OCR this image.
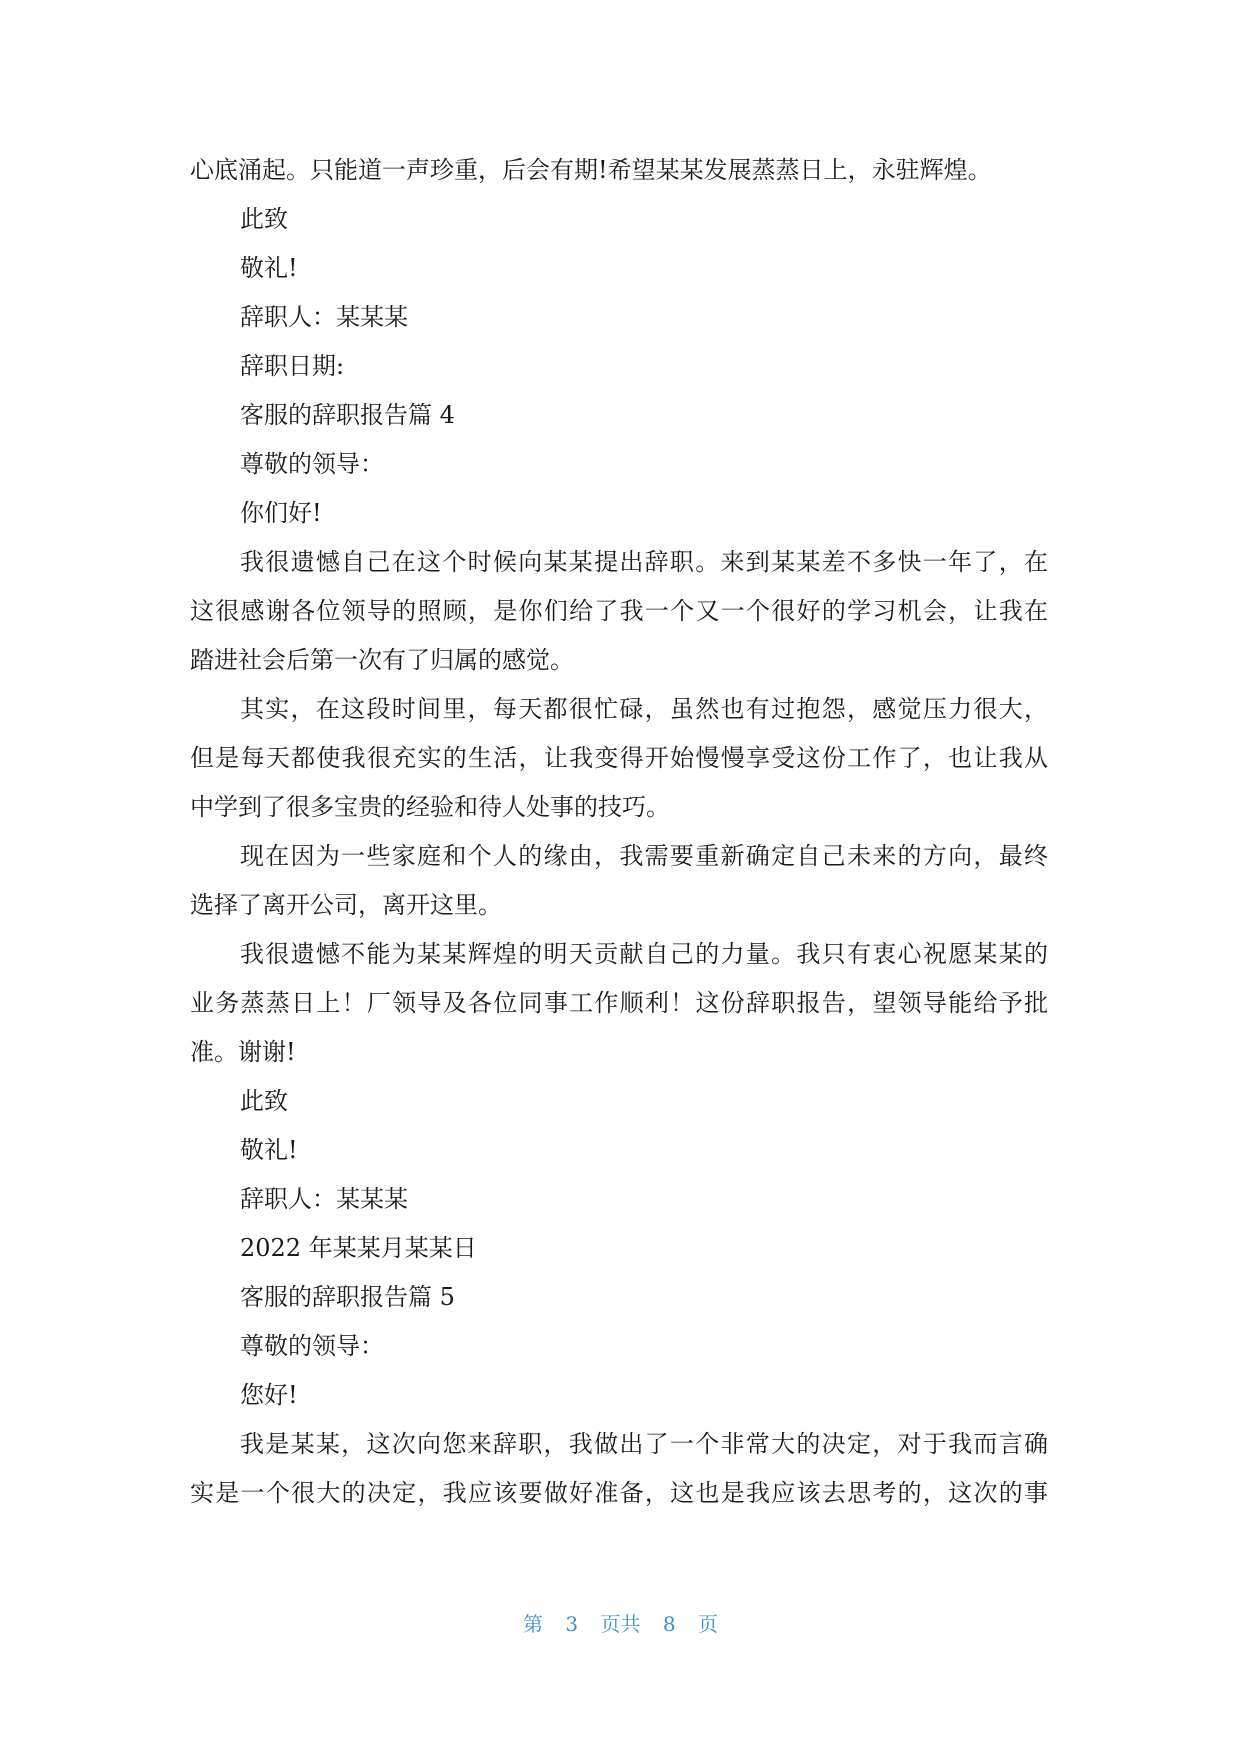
心底涌起。只能道一声珍重，后会有期!希望某某发展蒸蒸日上，永驻辉煌。
此致
敬礼!
辞职人：某某某
辞职日期:
客服的辞职报告篇 4
尊敬的领导：
你们好!
我很遗憾自己在这个时候向某某提出辞职。来到某某差不多快一年了，在
这很感谢各位领导的照顾，是你们给了我一个又一个很好的学习机会，让我在
踏进社会后第一次有了归属的感觉。
其实，在这段时间里，每天都很忙碌，虽然也有过抱怨，感觉压力很大，
但是每天都使我很充实的生活，让我变得开始慢慢享受这份工作了，也让我从
中学到了很多宝贵的经验和待人处事的技巧。
现在因为一些家庭和个人的缘由，我需要重新确定自己未来的方向，最终
选择了离开公司，离开这里。
我很遗憾不能为某某辉煌的明天贡献自己的力量。我只有衷心祝愿某某的
业务蒸蒸日上！厂领导及各位同事工作顺利！这份辞职报告，望领导能给予批
准。谢谢!
此致
敬礼!
辞职人：某某某
2022 年某某月某某日
客服的辞职报告篇 5
尊敬的领导：
您好!
我是某某，这次向您来辞职，我做出了一个非常大的决定，对于我而言确
实是一个很大的决定，我应该要做好准备，这也是我应该去思考的，这次的事
第 3 页共 8 页
